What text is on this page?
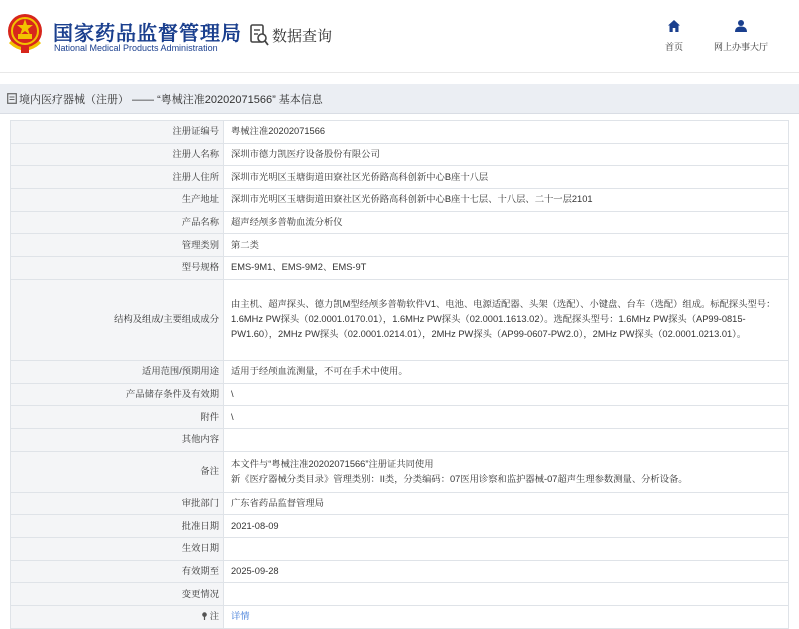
国家药品监督管理局
National Medical Products Administration
数据查询
首页	网上办事大厅
境内医疗器械（注册） —— “粤械注准20202071566” 基本信息
注册证编号	粤械注准20202071566
注册人名称	深圳市德力凯医疗设备股份有限公司
注册人住所	深圳市光明区玉塘街道田寮社区光侨路高科创新中心B座十八层
生产地址	深圳市光明区玉塘街道田寮社区光侨路高科创新中心B座十七层、十八层、二十一层2101
产品名称	超声经颅多普勒血流分析仪
管理类别	第二类
型号规格	EMS-9M1、EMS-9M2、EMS-9T
结构及组成/主要组成成分	由主机、超声探头、德力凯M型经颅多普勒软件V1、电池、电源适配器、头架（选配）、小键盘、台车（选配）组成。标配探头型号： 1.6MHz PW探头（02.0001.0170.01），1.6MHz PW探头（02.0001.1613.02）。选配探头型号：1.6MHz PW探头（AP99-0815-PW1.60），2MHz PW探头（02.0001.0214.01），2MHz PW探头（AP99-0607-PW2.0），2MHz PW探头（02.0001.0213.01）。
适用范围/预期用途	适用于经颅血流测量，不可在手术中使用。
产品储存条件及有效期	\
附件	\
其他内容	
备注	本文件与“粤械注准20202071566”注册证共同使用
新《医疗器械分类目录》管理类别：II类，分类编码：07医用诊察和监护器械-07超声生理参数测量、分析设备。

审批部门	广东省药品监督管理局
批准日期	2021-08-09
生效日期	
有效期至	2025-09-28
变更情况	
注	详情
